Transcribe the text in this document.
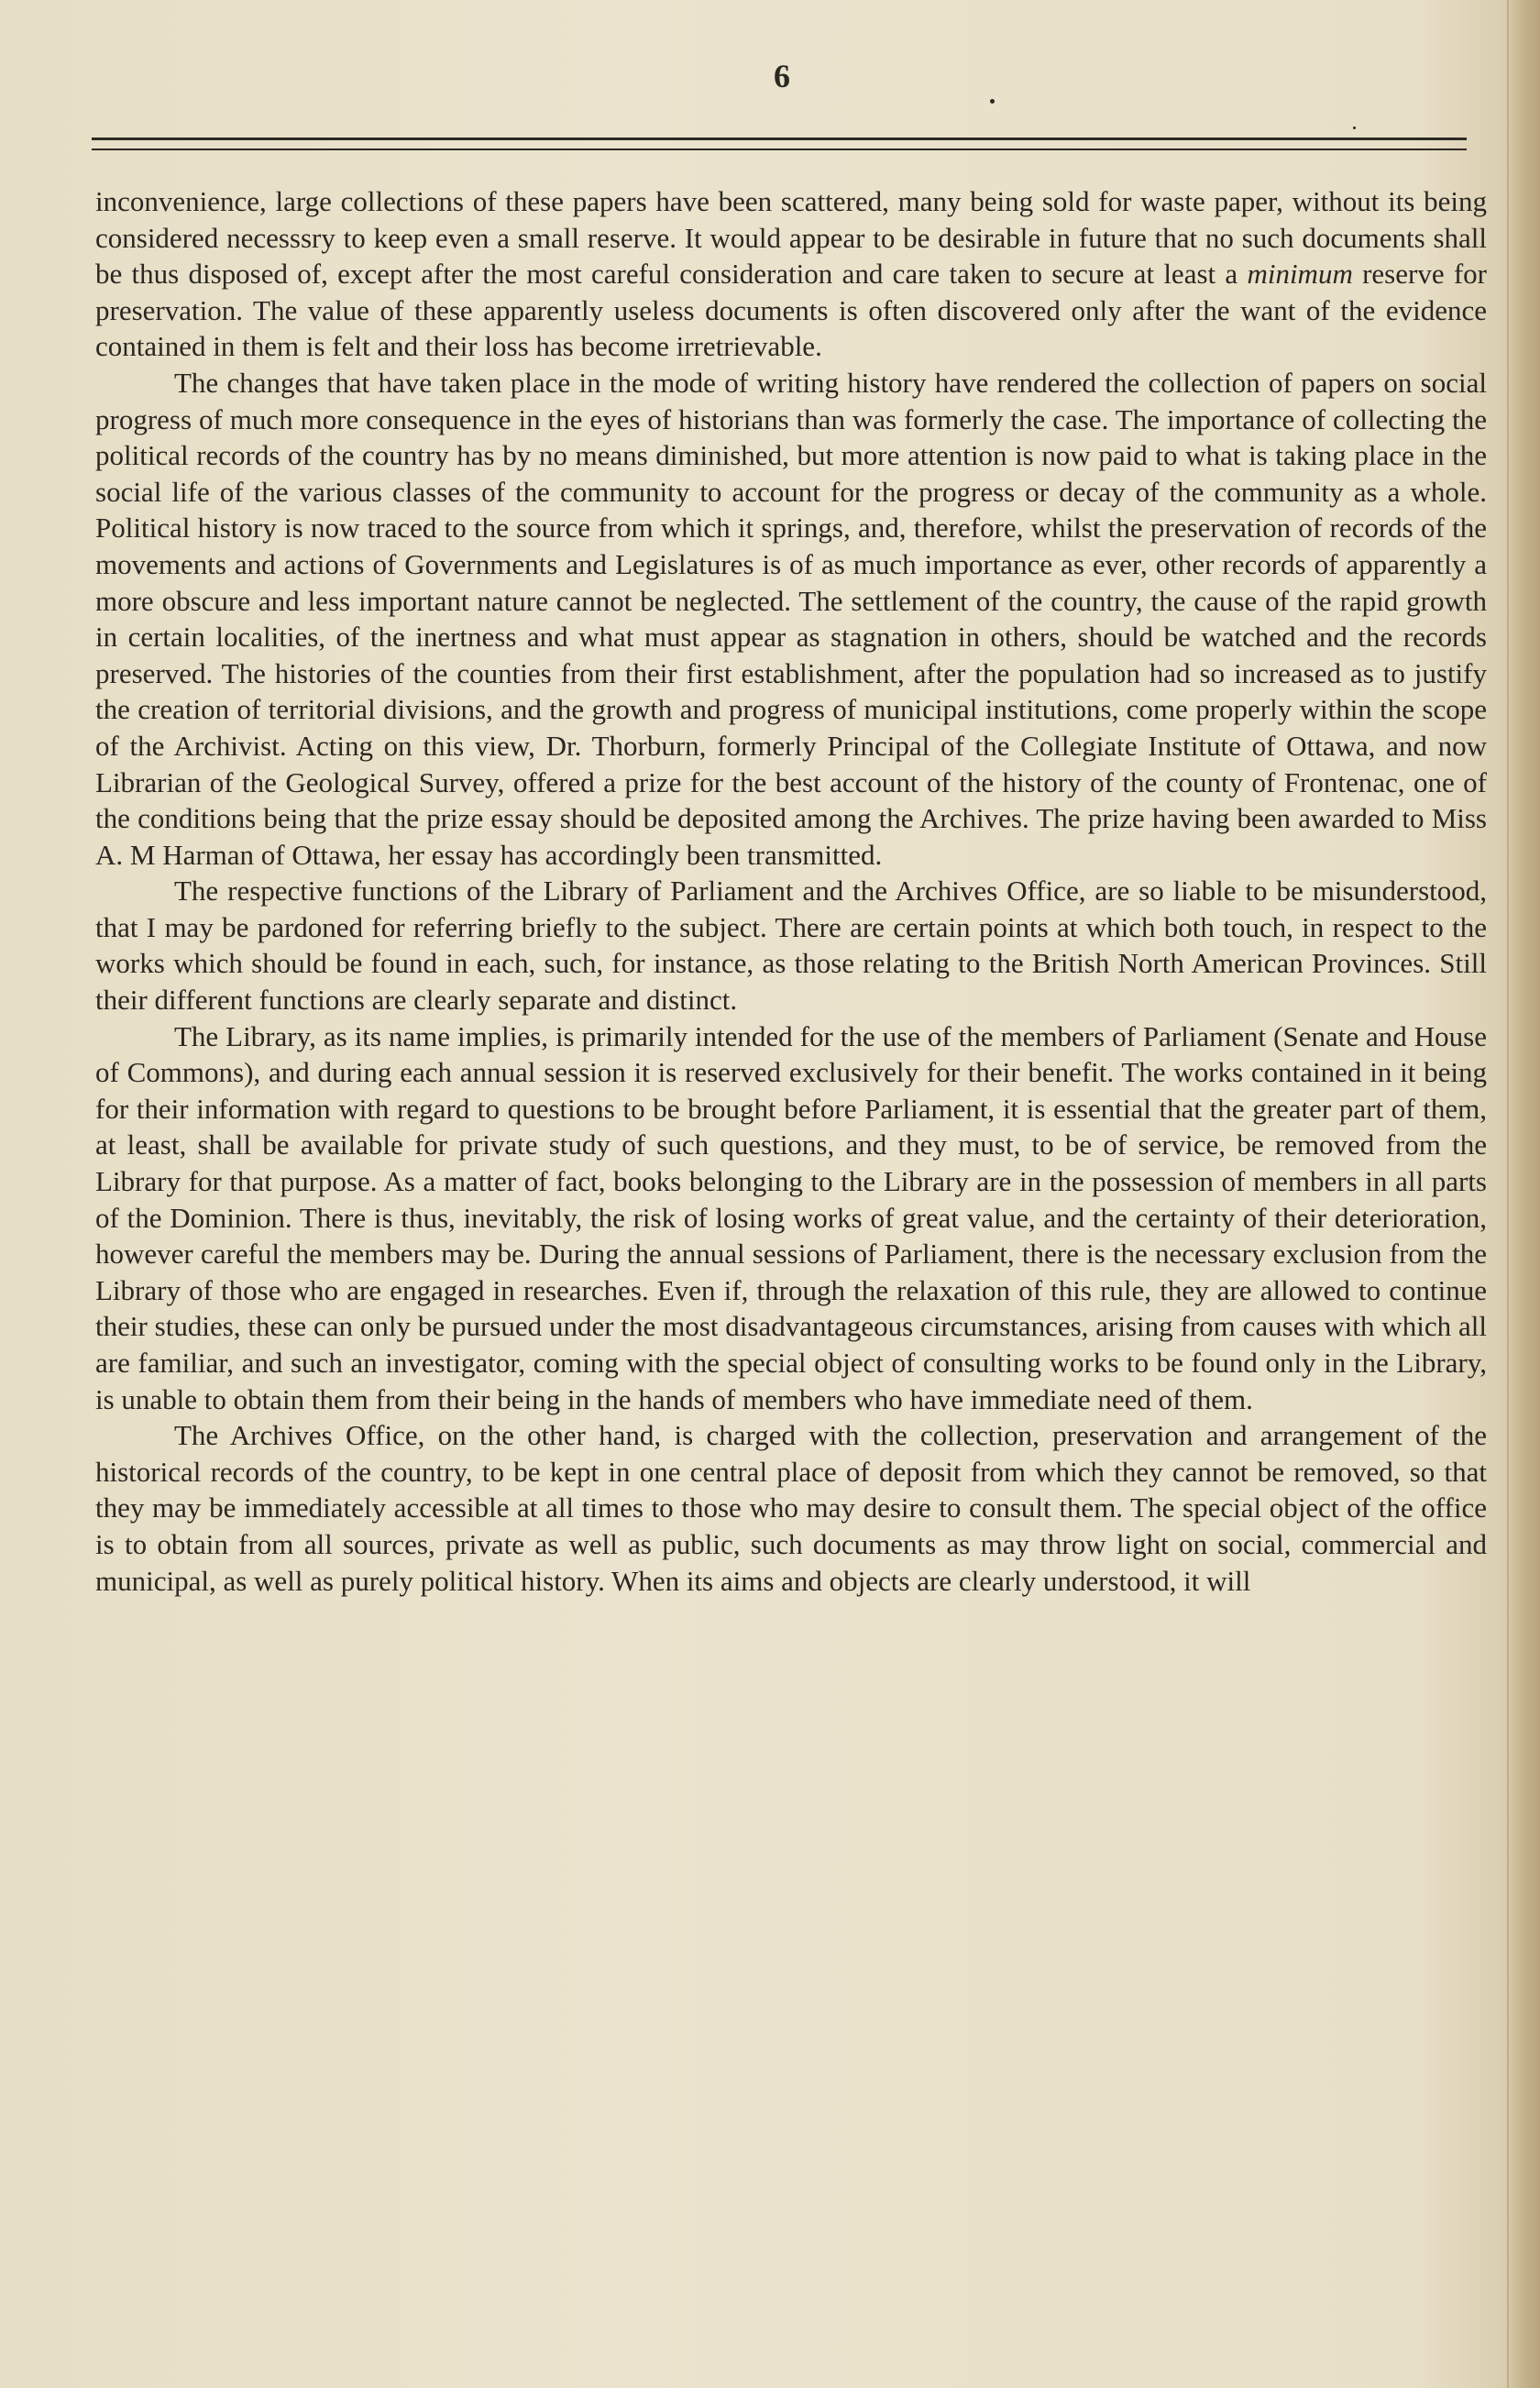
6

inconvenience, large collections of these papers have been scattered, many being sold for waste paper, without its being considered necesssry to keep even a small reserve. It would appear to be desirable in future that no such documents shall be thus disposed of, except after the most careful consideration and care taken to secure at least a minimum reserve for preservation. The value of these apparently useless documents is often discovered only after the want of the evidence contained in them is felt and their loss has become irretrievable.

The changes that have taken place in the mode of writing history have rendered the collection of papers on social progress of much more consequence in the eyes of historians than was formerly the case. The importance of collecting the political records of the country has by no means diminished, but more attention is now paid to what is taking place in the social life of the various classes of the community to account for the progress or decay of the community as a whole. Political history is now traced to the source from which it springs, and, therefore, whilst the preservation of records of the movements and actions of Governments and Legislatures is of as much importance as ever, other records of apparently a more obscure and less important nature cannot be neglected. The settlement of the country, the cause of the rapid growth in certain localities, of the inertness and what must appear as stagnation in others, should be watched and the records preserved. The histories of the counties from their first establishment, after the population had so increased as to justify the creation of territorial divisions, and the growth and progress of municipal institutions, come properly within the scope of the Archivist. Acting on this view, Dr. Thorburn, formerly Principal of the Collegiate Institute of Ottawa, and now Librarian of the Geological Survey, offered a prize for the best account of the history of the county of Frontenac, one of the conditions being that the prize essay should be deposited among the Archives. The prize having been awarded to Miss A. M Harman of Ottawa, her essay has accordingly been transmitted.

The respective functions of the Library of Parliament and the Archives Office, are so liable to be misunderstood, that I may be pardoned for referring briefly to the subject. There are certain points at which both touch, in respect to the works which should be found in each, such, for instance, as those relating to the British North American Provinces. Still their different functions are clearly separate and distinct.

The Library, as its name implies, is primarily intended for the use of the members of Parliament (Senate and House of Commons), and during each annual session it is reserved exclusively for their benefit. The works contained in it being for their information with regard to questions to be brought before Parliament, it is essential that the greater part of them, at least, shall be available for private study of such questions, and they must, to be of service, be removed from the Library for that purpose. As a matter of fact, books belonging to the Library are in the possession of members in all parts of the Dominion. There is thus, inevitably, the risk of losing works of great value, and the certainty of their deterioration, however careful the members may be. During the annual sessions of Parliament, there is the necessary exclusion from the Library of those who are engaged in researches. Even if, through the relaxation of this rule, they are allowed to continue their studies, these can only be pursued under the most disadvantageous circumstances, arising from causes with which all are familiar, and such an investigator, coming with the special object of consulting works to be found only in the Library, is unable to obtain them from their being in the hands of members who have immediate need of them.

The Archives Office, on the other hand, is charged with the collection, preservation and arrangement of the historical records of the country, to be kept in one central place of deposit from which they cannot be removed, so that they may be immediately accessible at all times to those who may desire to consult them. The special object of the office is to obtain from all sources, private as well as public, such documents as may throw light on social, commercial and municipal, as well as purely political history. When its aims and objects are clearly understood, it will
